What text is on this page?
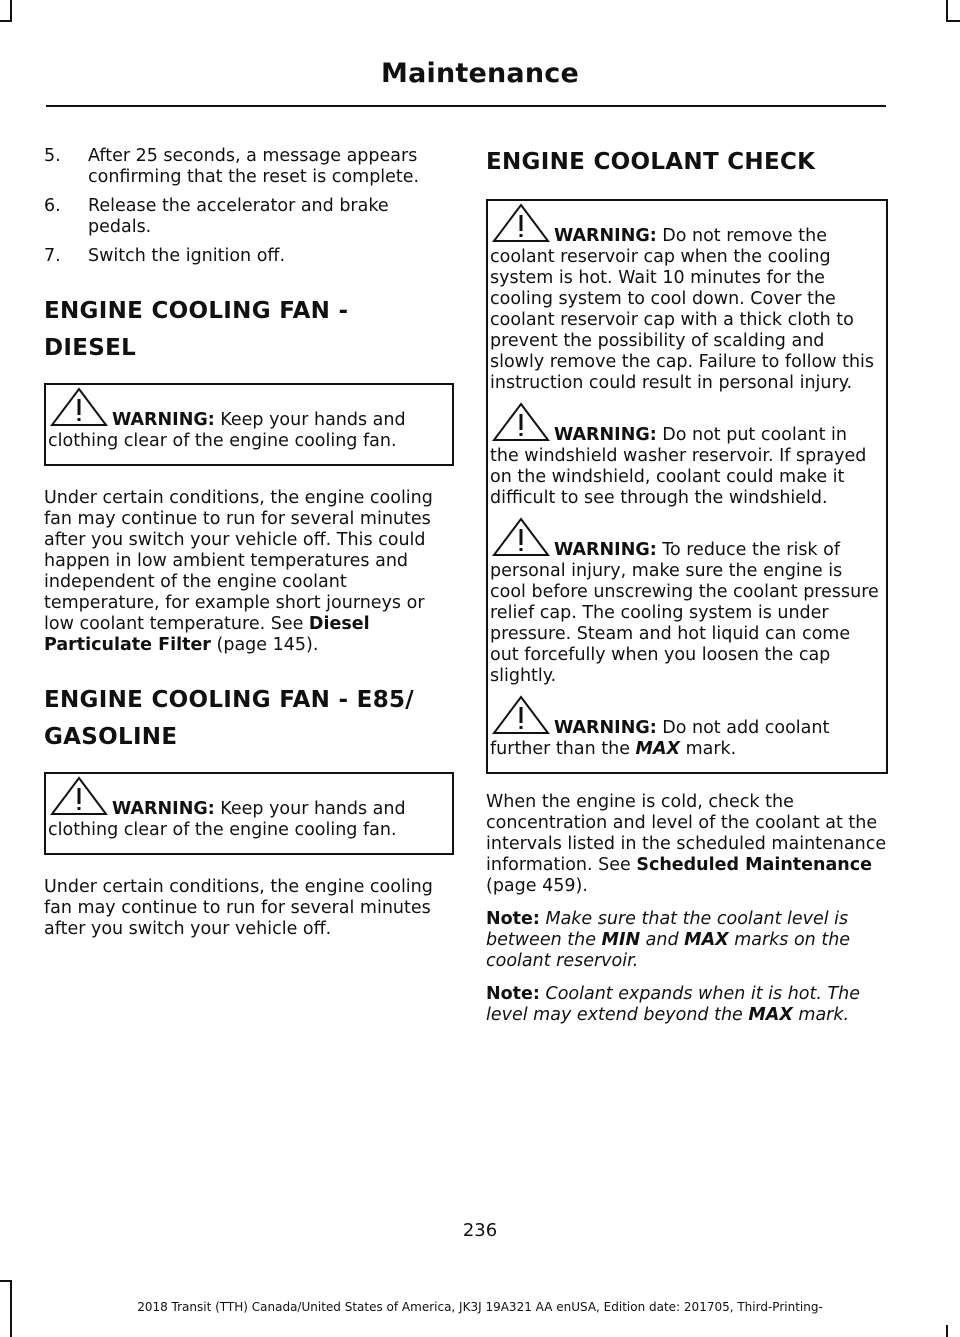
Maintenance
5.	After 25 seconds, a message appears confirming that the reset is complete.
6.	Release the accelerator and brake pedals.
7.	Switch the ignition off.
ENGINE COOLING FAN -
DIESEL
WARNING: Keep your hands and clothing clear of the engine cooling fan.

Under certain conditions, the engine cooling fan may continue to run for several minutes after you switch your vehicle off. This could happen in low ambient temperatures and independent of the engine coolant temperature, for example short journeys or low coolant temperature. See Diesel Particulate Filter (page 145).

ENGINE COOLING FAN - E85/
GASOLINE
WARNING: Keep your hands and clothing clear of the engine cooling fan.

Under certain conditions, the engine cooling fan may continue to run for several minutes after you switch your vehicle off.

ENGINE COOLANT CHECK
WARNING: Do not remove the coolant reservoir cap when the cooling system is hot. Wait 10 minutes for the cooling system to cool down. Cover the coolant reservoir cap with a thick cloth to prevent the possibility of scalding and slowly remove the cap. Failure to follow this instruction could result in personal injury.
WARNING: Do not put coolant in the windshield washer reservoir. If sprayed on the windshield, coolant could make it difficult to see through the windshield.
WARNING: To reduce the risk of personal injury, make sure the engine is cool before unscrewing the coolant pressure relief cap. The cooling system is under pressure. Steam and hot liquid can come out forcefully when you loosen the cap slightly.
WARNING: Do not add coolant further than the MAX mark.

When the engine is cold, check the concentration and level of the coolant at the intervals listed in the scheduled maintenance information. See Scheduled Maintenance (page 459).

Note: Make sure that the coolant level is between the MIN and MAX marks on the coolant reservoir.

Note: Coolant expands when it is hot. The level may extend beyond the MAX mark.

236
2018 Transit (TTH) Canada/United States of America, JK3J 19A321 AA enUSA, Edition date: 201705, Third-Printing-
